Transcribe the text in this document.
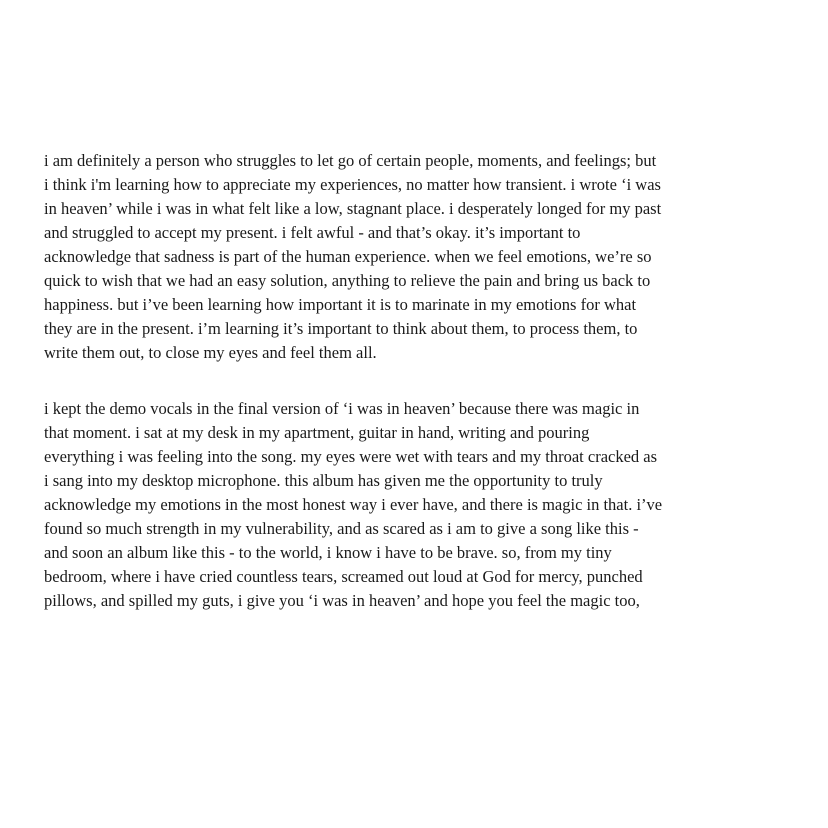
i am definitely a person who struggles to let go of certain people, moments, and feelings; but
i think i'm learning how to appreciate my experiences, no matter how transient. i wrote ‘i was
in heaven’ while i was in what felt like a low, stagnant place. i desperately longed for my past
and struggled to accept my present. i felt awful - and that’s okay. it’s important to
acknowledge that sadness is part of the human experience. when we feel emotions, we’re so
quick to wish that we had an easy solution, anything to relieve the pain and bring us back to
happiness. but i’ve been learning how important it is to marinate in my emotions for what
they are in the present. i’m learning it’s important to think about them, to process them, to
write them out, to close my eyes and feel them all.
i kept the demo vocals in the final version of ‘i was in heaven’ because there was magic in
that moment. i sat at my desk in my apartment, guitar in hand, writing and pouring
everything i was feeling into the song. my eyes were wet with tears and my throat cracked as
i sang into my desktop microphone. this album has given me the opportunity to truly
acknowledge my emotions in the most honest way i ever have, and there is magic in that. i’ve
found so much strength in my vulnerability, and as scared as i am to give a song like this -
and soon an album like this - to the world, i know i have to be brave. so, from my tiny
bedroom, where i have cried countless tears, screamed out loud at God for mercy, punched
pillows, and spilled my guts, i give you ‘i was in heaven’ and hope you feel the magic too,
